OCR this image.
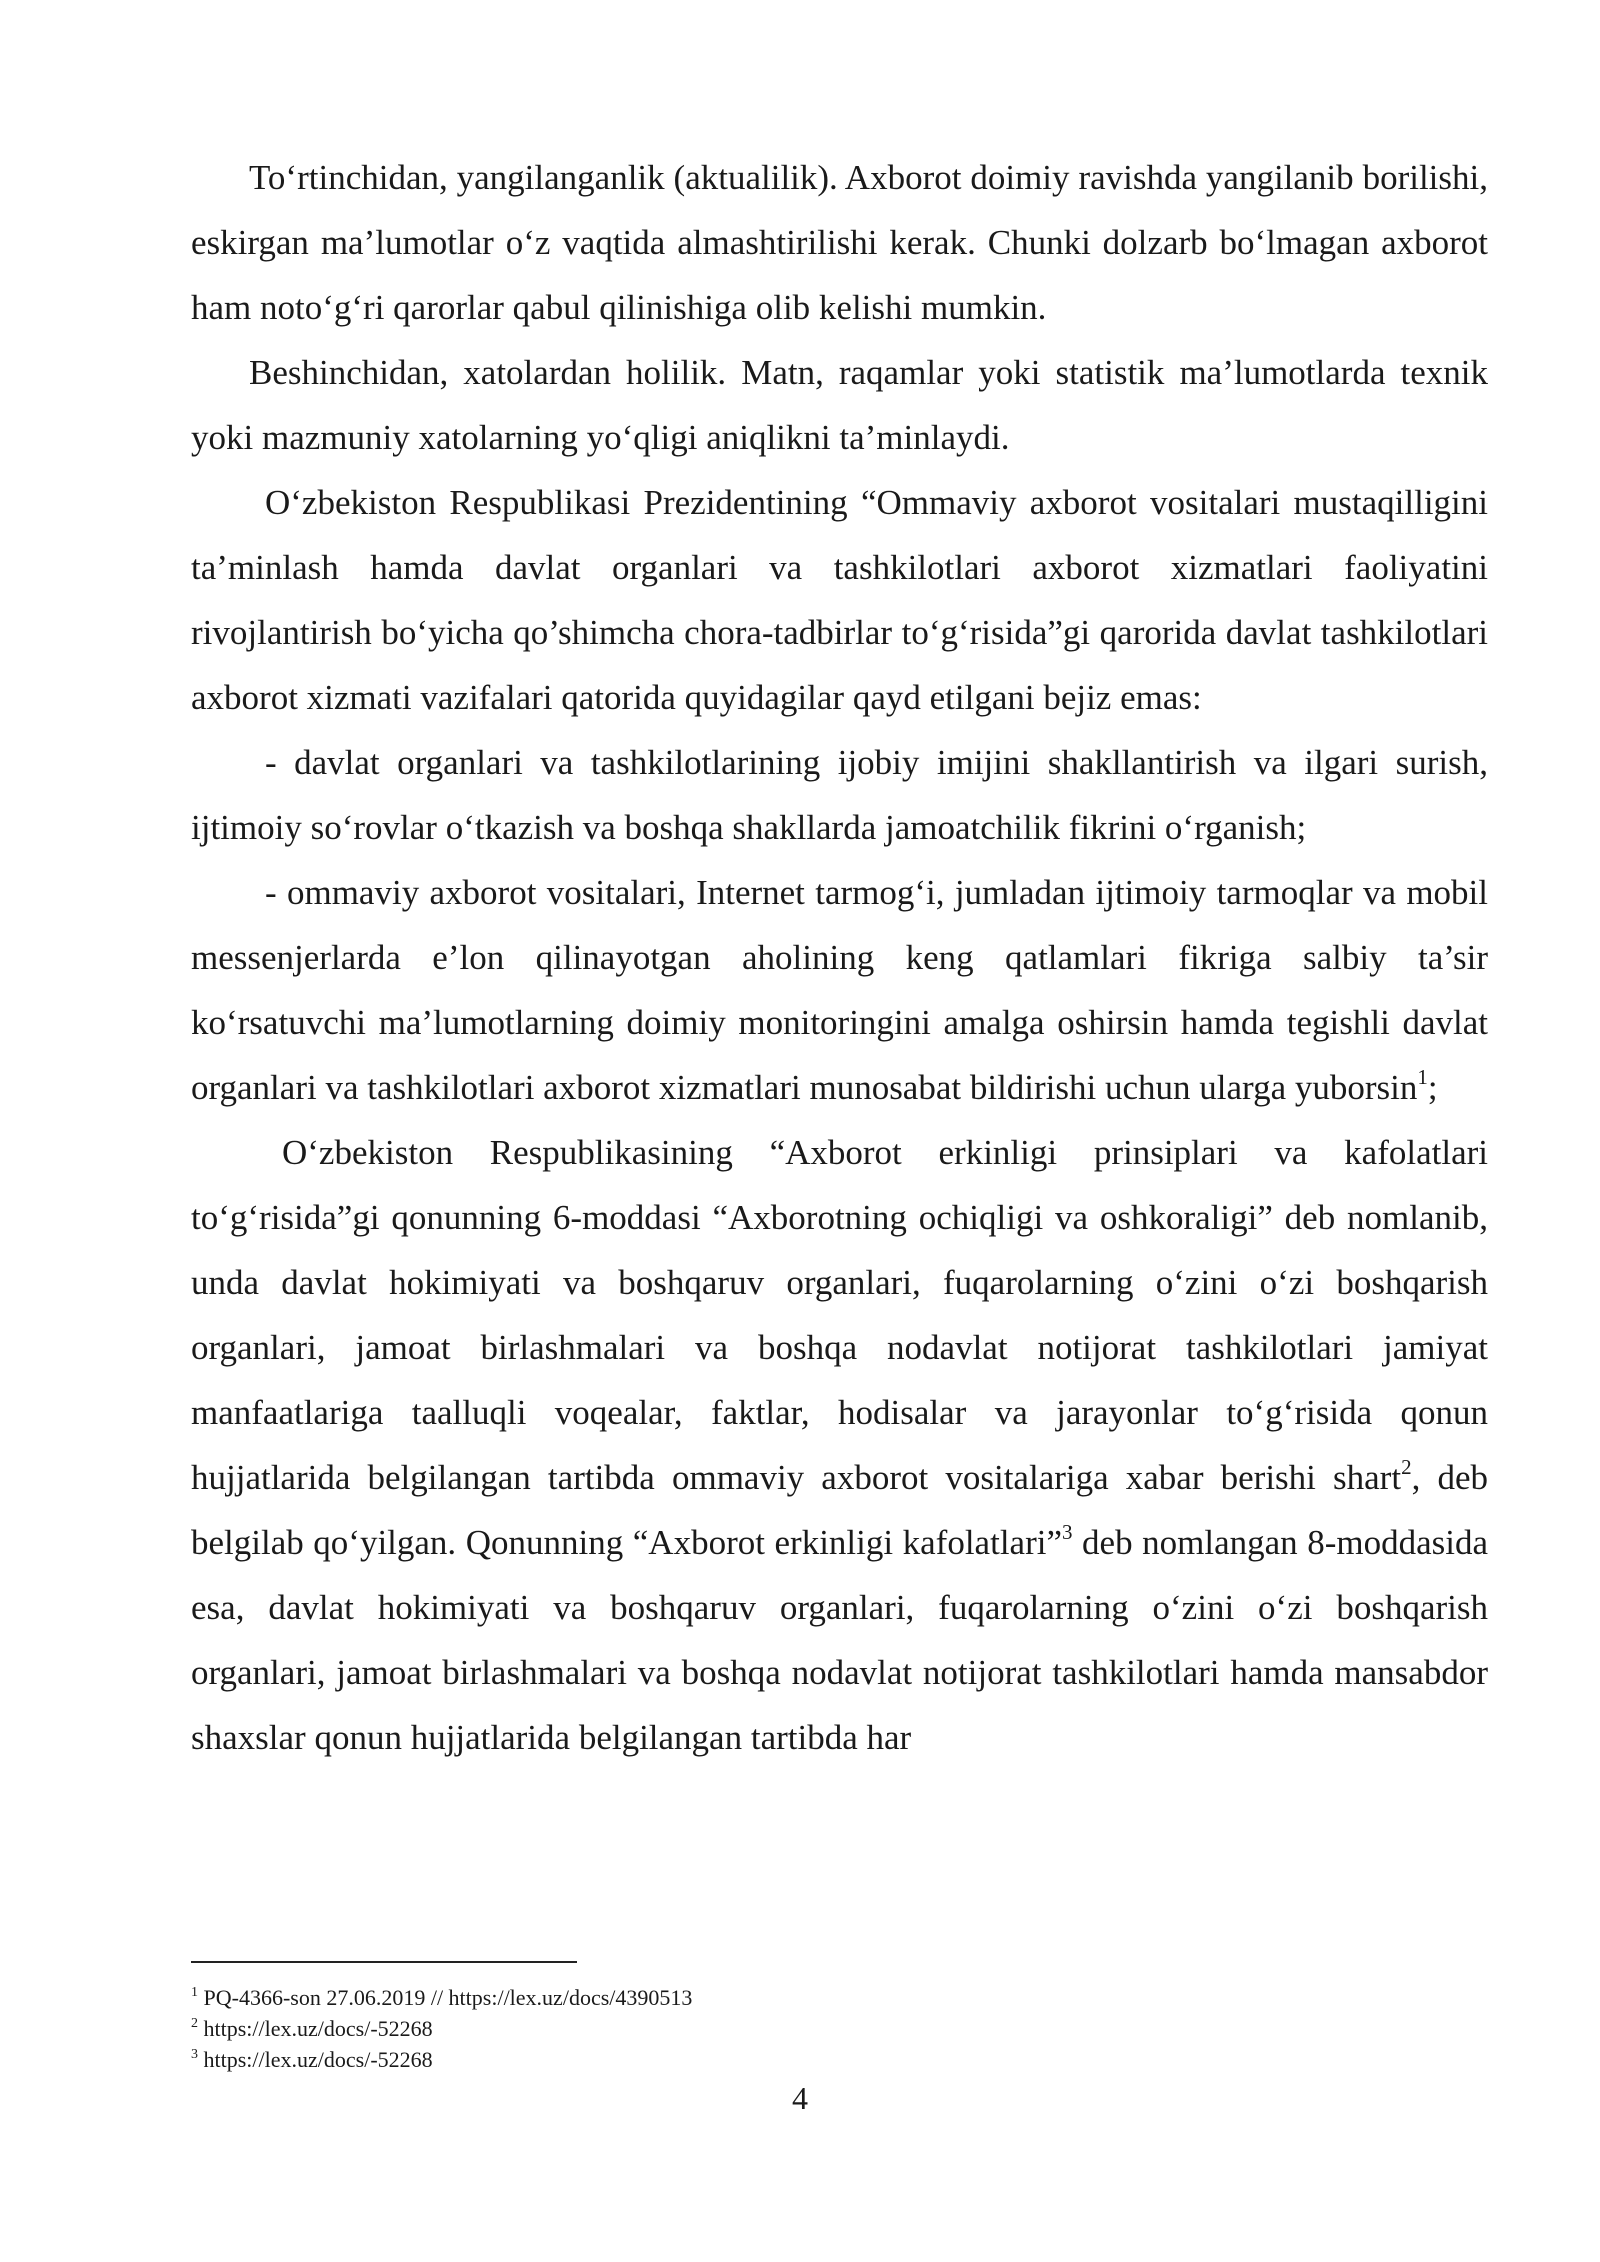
To‘rtinchidan, yangilanganlik (aktualilik). Axborot doimiy ravishda yangilanib borilishi, eskirgan ma’lumotlar o‘z vaqtida almashtirilishi kerak. Chunki dolzarb bo‘lmagan axborot ham noto‘g‘ri qarorlar qabul qilinishiga olib kelishi mumkin.

Beshinchidan, xatolardan holilik. Matn, raqamlar yoki statistik ma’lumotlarda texnik yoki mazmuniy xatolarning yo‘qligi aniqlikni ta’minlaydi.

O‘zbekiston Respublikasi Prezidentining “Ommaviy axborot vositalari mustaqilligini ta’minlash hamda davlat organlari va tashkilotlari axborot xizmatlari faoliyatini rivojlantirish bo‘yicha qo’shimcha chora-tadbirlar to‘g‘risida”gi qarorida davlat tashkilotlari axborot xizmati vazifalari qatorida quyidagilar qayd etilgani bejiz emas:

- davlat organlari va tashkilotlarining ijobiy imijini shakllantirish va ilgari surish, ijtimoiy so‘rovlar o‘tkazish va boshqa shakllarda jamoatchilik fikrini o‘rganish;

- ommaviy axborot vositalari, Internet tarmog‘i, jumladan ijtimoiy tarmoqlar va mobil messenjerlarda e’lon qilinayotgan aholining keng qatlamlari fikriga salbiy ta’sir ko‘rsatuvchi ma’lumotlarning doimiy monitoringini amalga oshirsin hamda tegishli davlat organlari va tashkilotlari axborot xizmatlari munosabat bildirishi uchun ularga yuborsin$^1$;

O‘zbekiston Respublikasining “Axborot erkinligi prinsiplari va kafolatlari to‘g‘risida”gi qonunning 6-moddasi “Axborotning ochiqligi va oshkoraligi” deb nomlanib, unda davlat hokimiyati va boshqaruv organlari, fuqarolarning o‘zini o‘zi boshqarish organlari, jamoat birlashmalari va boshqa nodavlat notijorat tashkilotlari jamiyat manfaatlariga taalluqli voqealar, faktlar, hodisalar va jarayonlar to‘g‘risida qonun hujjatlarida belgilangan tartibda ommaviy axborot vositalariga xabar berishi shart$^2$, deb belgilab qo‘yilgan. Qonunning “Axborot erkinligi kafolatlari”$^3$ deb nomlangan 8-moddasida esa, davlat hokimiyati va boshqaruv organlari, fuqarolarning o‘zini o‘zi boshqarish organlari, jamoat birlashmalari va boshqa nodavlat notijorat tashkilotlari hamda mansabdor shaxslar qonun hujjatlarida belgilangan tartibda har

$^1$ PQ-4366-son 27.06.2019 // https://lex.uz/docs/4390513

$^2$ https://lex.uz/docs/-52268

$^3$ https://lex.uz/docs/-52268

4
